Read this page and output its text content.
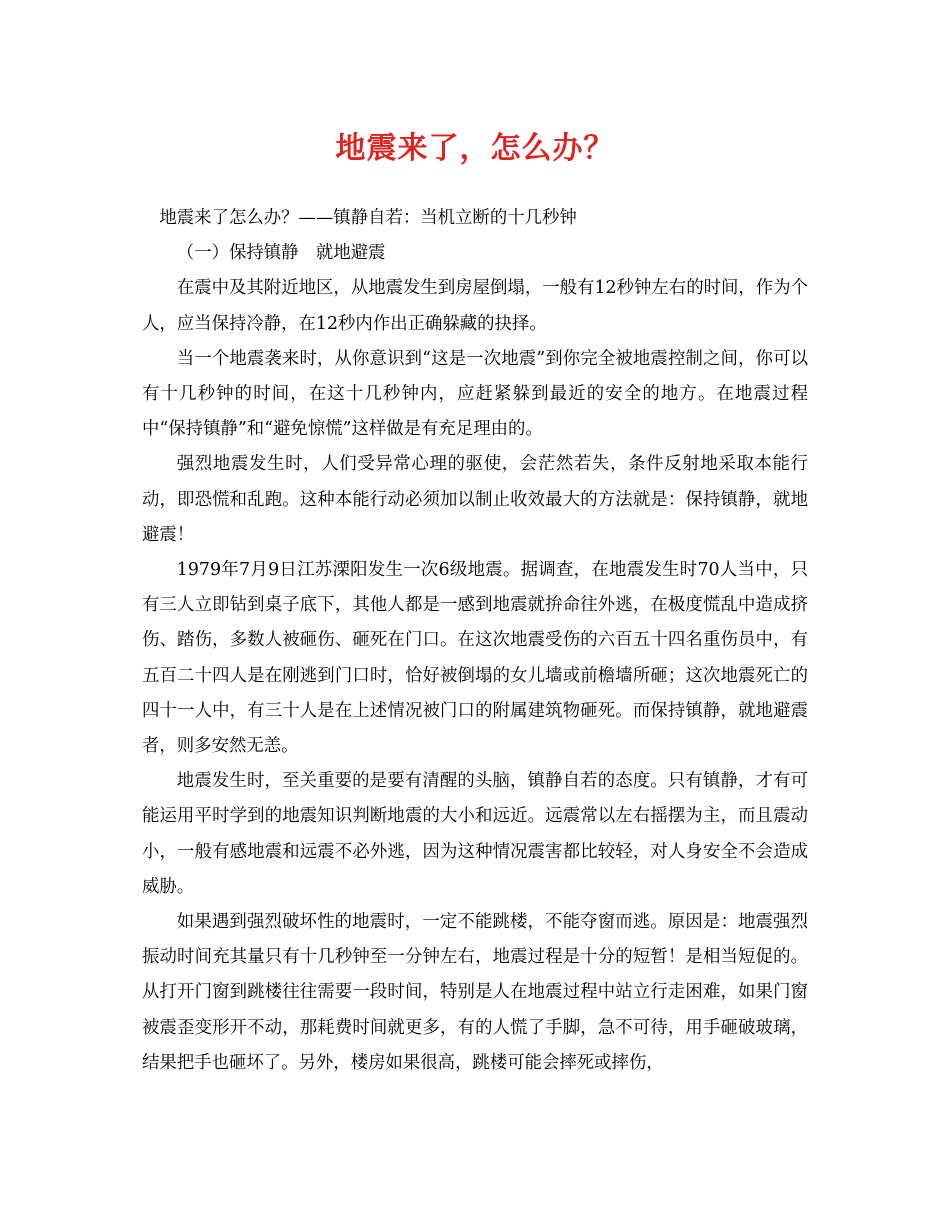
地震来了，怎么办？

地震来了怎么办？——镇静自若：当机立断的十几秒钟

（一）保持镇静　就地避震

在震中及其附近地区，从地震发生到房屋倒塌，一般有12秒钟左右的时间，作为个人，应当保持冷静，在12秒内作出正确躲藏的抉择。

当一个地震袭来时，从你意识到“这是一次地震”到你完全被地震控制之间，你可以有十几秒钟的时间，在这十几秒钟内，应赶紧躲到最近的安全的地方。在地震过程中“保持镇静”和“避免惊慌”这样做是有充足理由的。

强烈地震发生时，人们受异常心理的驱使，会茫然若失，条件反射地采取本能行动，即恐慌和乱跑。这种本能行动必须加以制止收效最大的方法就是：保持镇静，就地避震！

1979年7月9日江苏溧阳发生一次6级地震。据调查，在地震发生时70人当中，只有三人立即钻到桌子底下，其他人都是一感到地震就拚命往外逃，在极度慌乱中造成挤伤、踏伤，多数人被砸伤、砸死在门口。在这次地震受伤的六百五十四名重伤员中，有五百二十四人是在刚逃到门口时，恰好被倒塌的女儿墙或前檐墙所砸；这次地震死亡的四十一人中，有三十人是在上述情况被门口的附属建筑物砸死。而保持镇静，就地避震者，则多安然无恙。

地震发生时，至关重要的是要有清醒的头脑，镇静自若的态度。只有镇静，才有可能运用平时学到的地震知识判断地震的大小和远近。远震常以左右摇摆为主，而且震动小，一般有感地震和远震不必外逃，因为这种情况震害都比较轻，对人身安全不会造成威胁。

如果遇到强烈破坏性的地震时，一定不能跳楼，不能夺窗而逃。原因是：地震强烈振动时间充其量只有十几秒钟至一分钟左右，地震过程是十分的短暂！是相当短促的。从打开门窗到跳楼往往需要一段时间，特别是人在地震过程中站立行走困难，如果门窗被震歪变形开不动，那耗费时间就更多，有的人慌了手脚，急不可待，用手砸破玻璃，结果把手也砸坏了。另外，楼房如果很高，跳楼可能会摔死或摔伤，
